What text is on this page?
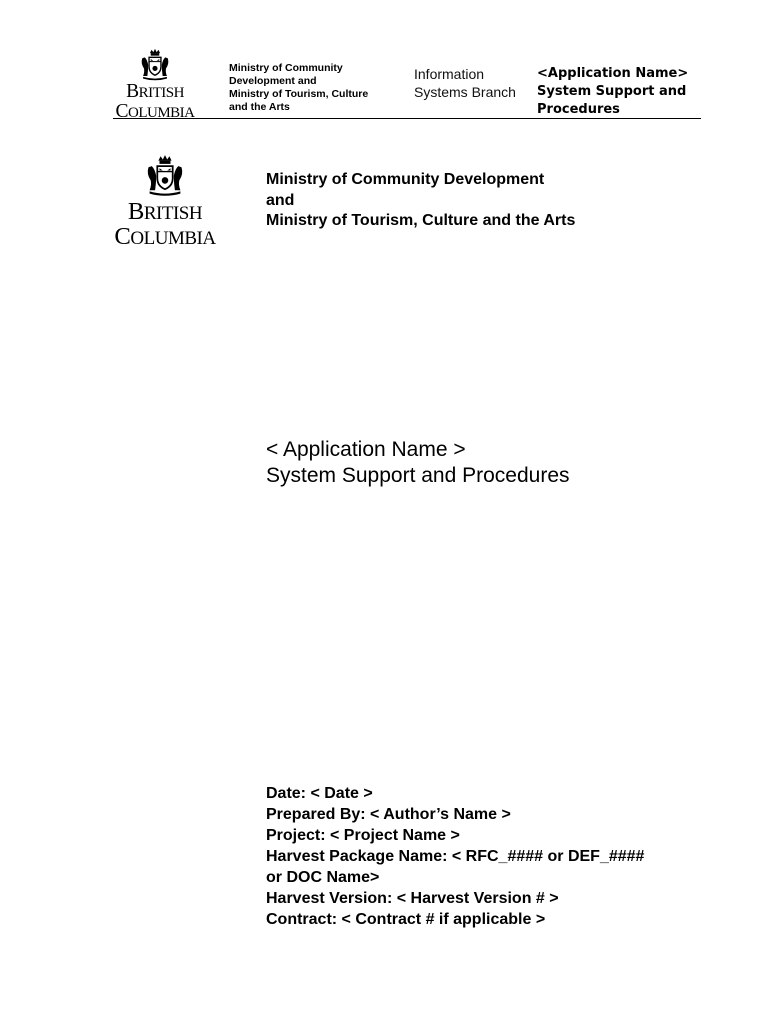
BRITISH
COLUMBIA
Ministry of Community
Development and
Ministry of Tourism, Culture
and the Arts
Information
Systems Branch
<Application Name>
System Support and
Procedures
BRITISH
COLUMBIA
Ministry of Community Development
and
Ministry of Tourism, Culture and the Arts
< Application Name >
System Support and Procedures
Date: < Date >
Prepared By: < Author’s Name >
Project: < Project Name >
Harvest Package Name: < RFC_#### or DEF_####
or DOC Name>
Harvest Version: < Harvest Version # >
Contract: < Contract # if applicable >
